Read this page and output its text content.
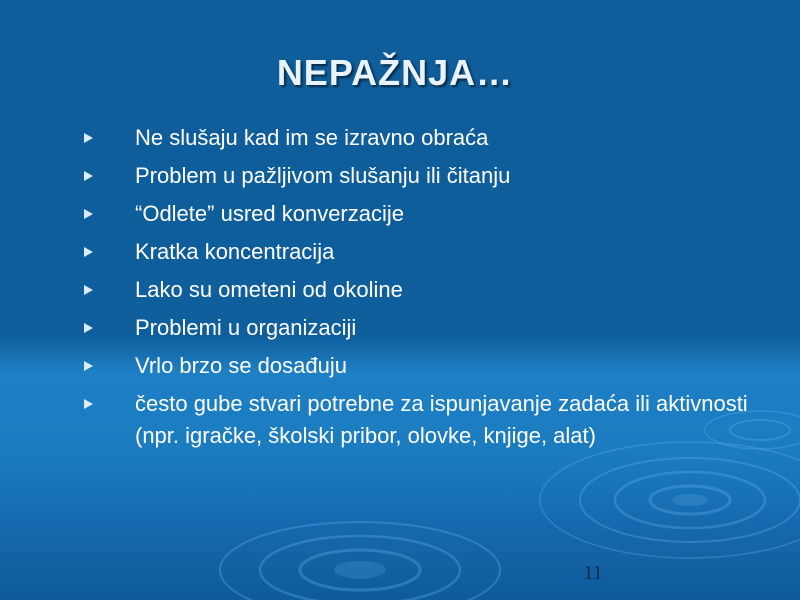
NEPAŽNJA…
Ne slušaju kad im se izravno obraća
Problem u pažljivom slušanju ili čitanju
“Odlete” usred konverzacije
Kratka koncentracija
Lako su ometeni od okoline
Problemi u organizaciji
Vrlo brzo se dosađuju
često gube stvari potrebne za ispunjavanje zadaća ili aktivnosti (npr. igračke, školski pribor, olovke, knjige, alat)
11
